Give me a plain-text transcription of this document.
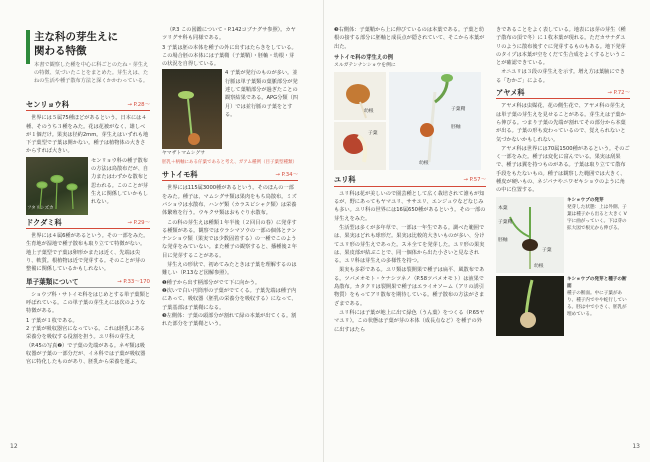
主な科の芽生えに
関わる特徴
本書で観察した種を中心に科ごとのたね・芽生えの特徴、気づいたことをまとめた。芽生えは、たねの生活や種子散布方法と深くかかわっている。
センリョウ科	→ P.28〜

世界には５属75種ほどがあるという。日本には４種、そのうち３種をみた。花は花被がなく、雄しべが１個だけ。果実は径約2mm。芽生えはいずれも地下子葉型で子葉は開かない。種子は植物体の大きさからすれば大きい。

フタリシズカ

センリョウ科の種子散布の方法は鳥散布だが、自力またはわずかな散布と思われる。このことが芽生えに関係していかもしれない。

ドクダミ科	→ P.29〜

世界には４属6種があるという。その一部をみた。生育地が湿地で種子散布も取り立てて特徴がない。地上子葉型で子葉は卵形かまたは近く、先端は尖り、軟質。根植物は近で発芽する。そのことが芽の整備に関係しているかもしれない。

単子葉類について	→ P.33〜170

ショウブ科・サトイモ科をはじめとする単子葉類と呼ばれている。この単子葉の芽生えには次のような特徴がある。

1 子葉が１枚である。
2 子葉が吸収器官になっている。これは胚乳にある栄養分を吸収する役割を担う。ユリ科の芽生え（P.45の写真❷）で子葉の先端がある。ネギ類は吸収器が子葉の一部分だが、イネ科では子葉が吸収器官に特化したものがあり、胚乳から栄養を運ぶ。

（P.3 この図鑑について・P.142コブナグサ参照）。カヤツリグサ科も同様である。

3 子葉は胚の本体を種子の外に出すはたらきをしている。この場合胚の本体には子葉鞘（子葉鞘）・胚軸・幼根・芽の状況を自得している。

4 子葉が発行のものが多い。並行脈は単子葉類の葉脈部分が発達して葉鞘部分が過ぎたことの観察結果である。APG分類（四月）では並行脈の子葉をとする。

ヤマザトマムシグサ
胚乳＋柄軸にある仔葉であると考え、ガアム種例（目子葉型種類）
サトイモ科	→ P.34〜

世界には115属3000種があるという。そのほんの一部をみた。種子は、マムシグサ類は果肉をもち鳥散布。ミズバショウは水散布、ハンゲ類（カラスビシャク類）は栄養体繁殖を行う。ウキクサ類はおもぐり水散布。

この科の芽生えは種類１年半後（２回目の春）に発芽する種類がある。観察ではウラシマソウの一部の個体とテンナンショウ類（果実では少数固着する）の一種でこのような発芽をみていない。また種子の観察すると、播種後２年目に発芽することがある。

芽生えの形状で、初めてみたときは子葉を理解するのは難しい（P.13など図解参照）。

❶種子から出す柄部分がでて下に向かう。
❷次いで白い円筒形の子葉がでてくる。子葉先端は種子内にあって、吸収器（胚乳の栄養分を吸収する）になって、子葉基部は子葉鞘になる。
❸左側体：子葉の頭部分が割れて緑の本葉が出てくる。割れた部分を子葉鞘という。
12

❸右側体：子葉鞘から上に伸びているのは本葉である。子葉と幼根の接する部分に胚軸と成長点が隠されていて、そこから本葉が出た。

サトイモ科の芽生えの例
スルガテンナンショウを例に
幼根
子葉
子葉鞘
胚軸
幼根
ユリ科	→ P.57〜

ユリ科は花が美しいので園芸種として広く栽培されて誰もが知るが、野にあってもヤマユリ、ササユリ、エンジュウなどなじみも多い。ユリ科の世界には16属650種があるという。その一部の芽生えをみた。

生活型は多くが多年草で、一部は一年生である。調べた範囲では、果実はどれも球形だ。果実は比較的大きいものが多い、分けてユリ形の芽生えであった。スネ全てを発芽した。ユリ形の果実は、果皮部が結ぶことで、同一個体から出た小さいと見なされる。ユリ科は芽生えの多様性を持つ。

果実も多彩である。ユリ類は裂開果で種子は扁平、風散布である。ツバメオモト・ケナシツネノ（P.58ツバメオモト）は液果で鳥散布。カタクリは裂開果で種子はエライオソーム（アリの誘引物質）をもってアリ散布を期待している。種子散布の方法がさまざまである。

ユリ科には子葉が地上に出て緑色（うん葉）をつくる（P.65ヤマユリ）。この状態は子葉が芽の本体（成長点など）を種子の外に出すはたら

きであることをよく表している。地表には芽の芽生（種子散布の頂で冬）に１枚本葉が現れる。ただカサナダユリのように散布後すぐに発芽するものもある。地下発芽のタイプは本葉が空をくだて生合成をよくするということが確認できている。

オニユリは３段の芽生えを示す。増え方は葉腋にできる「むかご」による。

アヤメ科	→ P.72〜

アヤメ科は虫媒花、花の側生花で、アヤメ科の芽生えは単子葉の芽生えを見せることがある。芽生えは子葉から伸びる。つまり子葉の先端が割れてその部分から本葉が出る。子葉の形も変わっているので、覚えられないと気づかないかもしれない。

アヤメ科は世界には70属1500種があるという。そのごく一部をみた。種子は変化に富んでいる。果実は刮果で、種子は翼を持つものがある。子葉は取り立てて散布手段をもたないもの。種子は観察した範囲では大きく、種皮が硬いもの、ネジバナやニワゼキショウのように角の中に位置する。

本葉
子葉鞘
胚軸
子葉
幼根
キショウブの発芽
発芽した状態：上は外側、子葉は種子から出ると大きく V 字に曲がっていく。下は芽の拡大図で根元から伸びる。
キショウブの発芽と種子の断面
種子の断面。中に子葉があり、種子内でやや蛇行している。胚は中で小さく、胚乳が埋めている。
13
